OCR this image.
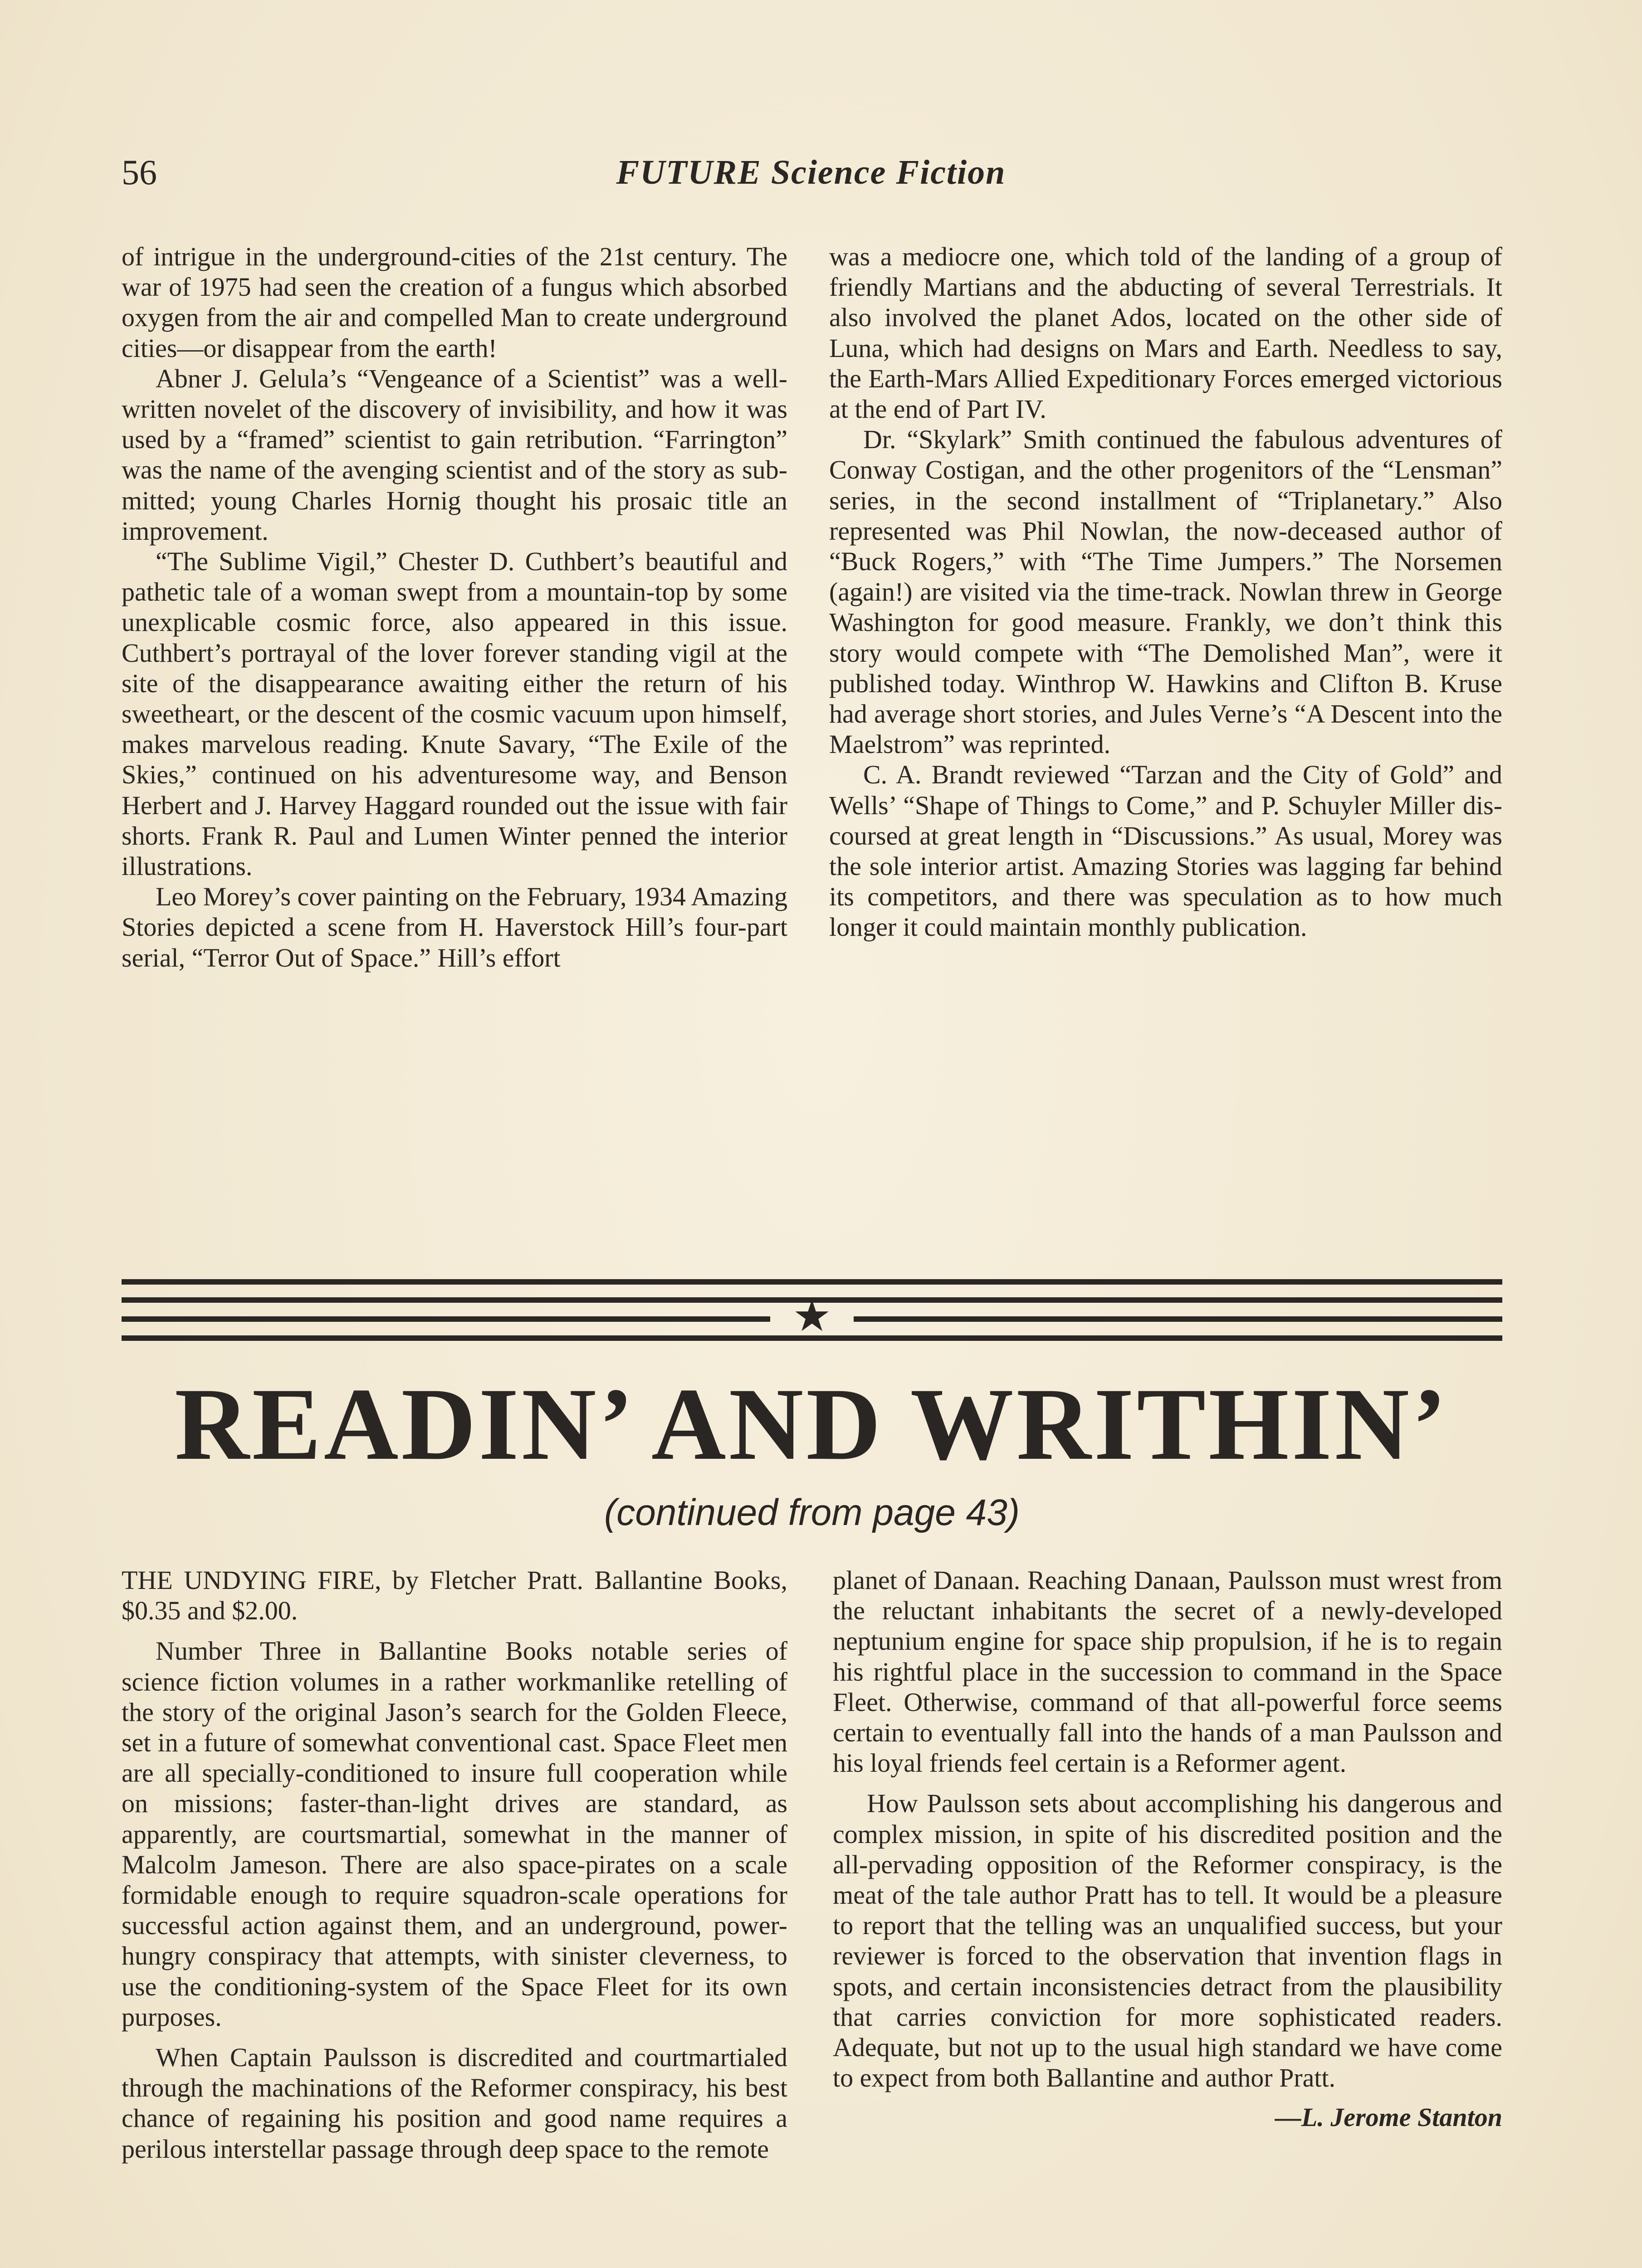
56	FUTURE Science Fiction

of intrigue in the underground-cities of the 21st century. The war of 1975 had seen the creation of a fungus which absorbed oxygen from the air and compelled Man to create underground cities—or disappear from the earth!

Abner J. Gelula’s “Vengeance of a Scientist” was a well-written novelet of the discovery of invisibility, and how it was used by a “framed” scientist to gain retribution. “Farrington” was the name of the avenging scientist and of the story as submitted; young Charles Hornig thought his prosaic title an improvement.

“The Sublime Vigil,” Chester D. Cuthbert’s beautiful and pathetic tale of a woman swept from a mountain-top by some unexplicable cosmic force, also appeared in this issue. Cuthbert’s portrayal of the lover forever standing vigil at the site of the disappearance awaiting either the return of his sweetheart, or the descent of the cosmic vacuum upon himself, makes marvelous reading. Knute Savary, “The Exile of the Skies,” continued on his adventuresome way, and Benson Herbert and J. Harvey Haggard rounded out the issue with fair shorts. Frank R. Paul and Lumen Winter penned the interior illustrations.

Leo Morey’s cover painting on the February, 1934 Amazing Stories depicted a scene from H. Haverstock Hill’s four-part serial, “Terror Out of Space.” Hill’s effort

was a mediocre one, which told of the landing of a group of friendly Martians and the abducting of several Terrestrials. It also involved the planet Ados, located on the other side of Luna, which had designs on Mars and Earth. Needless to say, the Earth-Mars Allied Expeditionary Forces emerged victorious at the end of Part IV.

Dr. “Skylark” Smith continued the fabulous adventures of Conway Costigan, and the other progenitors of the “Lensman” series, in the second installment of “Triplanetary.” Also represented was Phil Nowlan, the now-deceased author of “Buck Rogers,” with “The Time Jumpers.” The Norsemen (again!) are visited via the time-track. Nowlan threw in George Washington for good measure. Frankly, we don’t think this story would compete with “The Demolished Man”, were it published today. Winthrop W. Hawkins and Clifton B. Kruse had average short stories, and Jules Verne’s “A Descent into the Maelstrom” was reprinted.

C. A. Brandt reviewed “Tarzan and the City of Gold” and Wells’ “Shape of Things to Come,” and P. Schuyler Miller discoursed at great length in “Discussions.” As usual, Morey was the sole interior artist. Amazing Stories was lagging far behind its competitors, and there was speculation as to how much longer it could maintain monthly publication.

★
READIN’ AND WRITHIN’
(continued from page 43)

THE UNDYING FIRE, by Fletcher Pratt. Ballantine Books, $0.35 and $2.00.

Number Three in Ballantine Books notable series of science fiction volumes in a rather workmanlike retelling of the story of the original Jason’s search for the Golden Fleece, set in a future of somewhat conventional cast. Space Fleet men are all specially-conditioned to insure full cooperation while on missions; faster-than-light drives are standard, as apparently, are courtsmartial, somewhat in the manner of Malcolm Jameson. There are also space-pirates on a scale formidable enough to require squadron-scale operations for successful action against them, and an underground, power-hungry conspiracy that attempts, with sinister cleverness, to use the conditioning-system of the Space Fleet for its own purposes.

When Captain Paulsson is discredited and courtmartialed through the machinations of the Reformer conspiracy, his best chance of regaining his position and good name requires a perilous interstellar passage through deep space to the remote

planet of Danaan. Reaching Danaan, Paulsson must wrest from the reluctant inhabitants the secret of a newly-developed neptunium engine for space ship propulsion, if he is to regain his rightful place in the succession to command in the Space Fleet. Otherwise, command of that all-powerful force seems certain to eventually fall into the hands of a man Paulsson and his loyal friends feel certain is a Reformer agent.

How Paulsson sets about accomplishing his dangerous and complex mission, in spite of his discredited position and the all-pervading opposition of the Reformer conspiracy, is the meat of the tale author Pratt has to tell. It would be a pleasure to report that the telling was an unqualified success, but your reviewer is forced to the observation that invention flags in spots, and certain inconsistencies detract from the plausibility that carries conviction for more sophisticated readers. Adequate, but not up to the usual high standard we have come to expect from both Ballantine and author Pratt.

—L. Jerome Stanton
